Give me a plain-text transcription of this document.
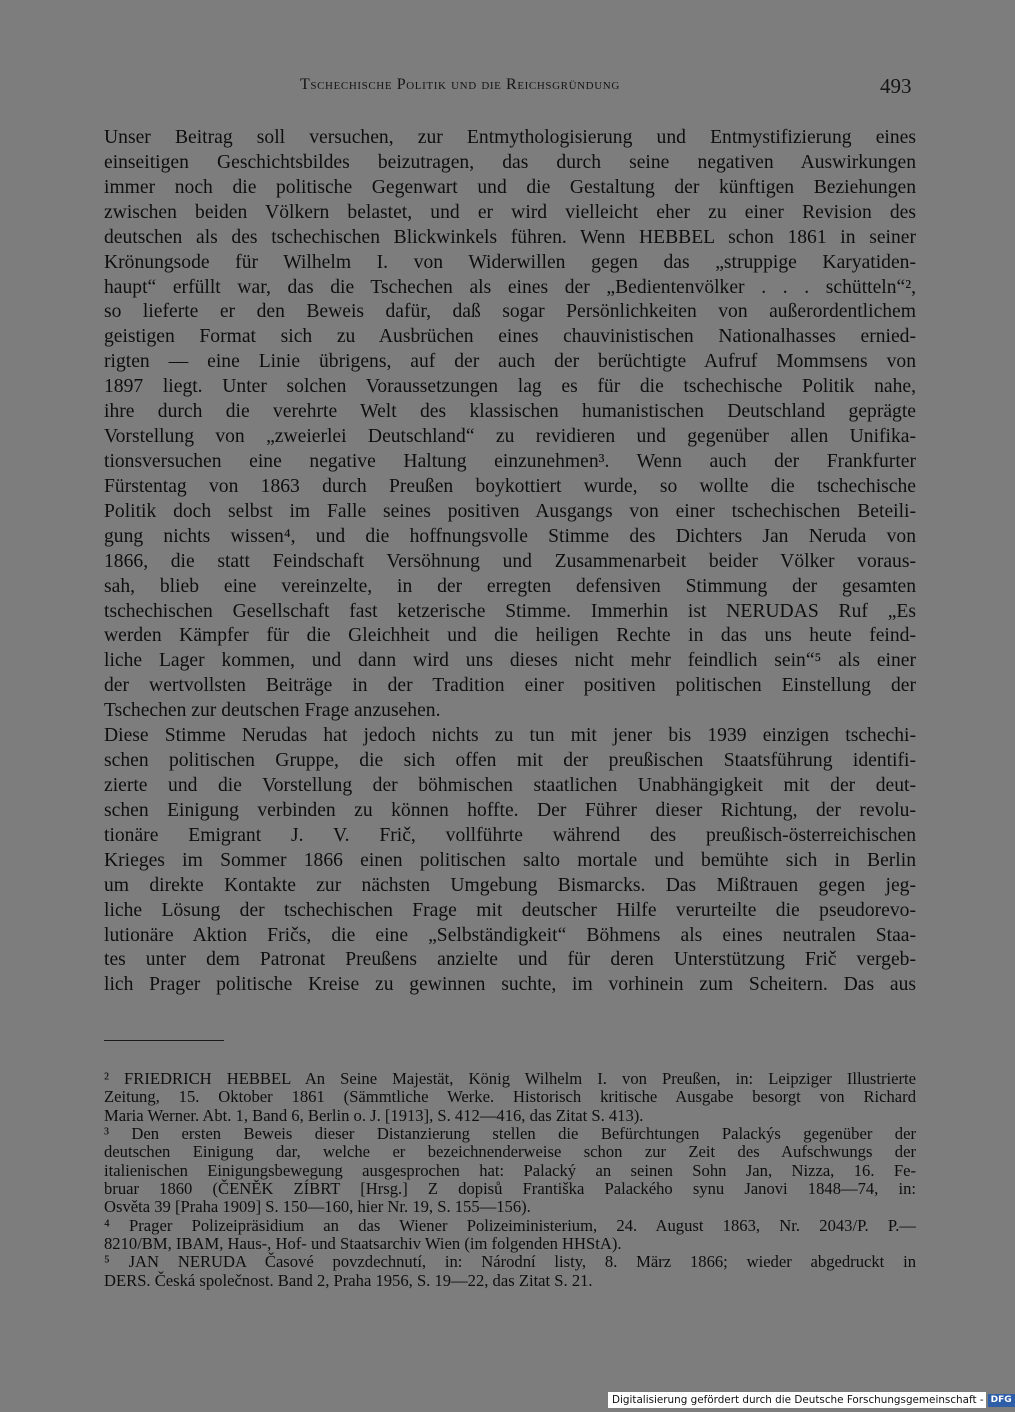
Tschechische Politik und die Reichsgründung	493
Unser Beitrag soll versuchen, zur Entmythologisierung und Entmystifizierung eines
einseitigen Geschichtsbildes beizutragen, das durch seine negativen Auswirkungen
immer noch die politische Gegenwart und die Gestaltung der künftigen Beziehungen
zwischen beiden Völkern belastet, und er wird vielleicht eher zu einer Revision des
deutschen als des tschechischen Blickwinkels führen. Wenn HEBBEL schon 1861 in seiner
Krönungsode für Wilhelm I. von Widerwillen gegen das „struppige Karyatiden-
haupt“ erfüllt war, das die Tschechen als eines der „Bedientenvölker . . . schütteln“²,
so lieferte er den Beweis dafür, daß sogar Persönlichkeiten von außerordentlichem
geistigen Format sich zu Ausbrüchen eines chauvinistischen Nationalhasses ernied-
rigten — eine Linie übrigens, auf der auch der berüchtigte Aufruf Mommsens von
1897 liegt. Unter solchen Voraussetzungen lag es für die tschechische Politik nahe,
ihre durch die verehrte Welt des klassischen humanistischen Deutschland geprägte
Vorstellung von „zweierlei Deutschland“ zu revidieren und gegenüber allen Unifika-
tionsversuchen eine negative Haltung einzunehmen³. Wenn auch der Frankfurter
Fürstentag von 1863 durch Preußen boykottiert wurde, so wollte die tschechische
Politik doch selbst im Falle seines positiven Ausgangs von einer tschechischen Beteili-
gung nichts wissen⁴, und die hoffnungsvolle Stimme des Dichters Jan Neruda von
1866, die statt Feindschaft Versöhnung und Zusammenarbeit beider Völker voraus-
sah, blieb eine vereinzelte, in der erregten defensiven Stimmung der gesamten
tschechischen Gesellschaft fast ketzerische Stimme. Immerhin ist NERUDAS Ruf „Es
werden Kämpfer für die Gleichheit und die heiligen Rechte in das uns heute feind-
liche Lager kommen, und dann wird uns dieses nicht mehr feindlich sein“⁵ als einer
der wertvollsten Beiträge in der Tradition einer positiven politischen Einstellung der
Tschechen zur deutschen Frage anzusehen.
Diese Stimme Nerudas hat jedoch nichts zu tun mit jener bis 1939 einzigen tschechi-
schen politischen Gruppe, die sich offen mit der preußischen Staatsführung identifi-
zierte und die Vorstellung der böhmischen staatlichen Unabhängigkeit mit der deut-
schen Einigung verbinden zu können hoffte. Der Führer dieser Richtung, der revolu-
tionäre Emigrant J. V. Frič, vollführte während des preußisch-österreichischen
Krieges im Sommer 1866 einen politischen salto mortale und bemühte sich in Berlin
um direkte Kontakte zur nächsten Umgebung Bismarcks. Das Mißtrauen gegen jeg-
liche Lösung der tschechischen Frage mit deutscher Hilfe verurteilte die pseudorevo-
lutionäre Aktion Fričs, die eine „Selbständigkeit“ Böhmens als eines neutralen Staa-
tes unter dem Patronat Preußens anzielte und für deren Unterstützung Frič vergeb-
lich Prager politische Kreise zu gewinnen suchte, im vorhinein zum Scheitern. Das aus
² FRIEDRICH HEBBEL An Seine Majestät, König Wilhelm I. von Preußen, in: Leipziger Illustrierte
Zeitung, 15. Oktober 1861 (Sämmtliche Werke. Historisch kritische Ausgabe besorgt von Richard
Maria Werner. Abt. 1, Band 6, Berlin o. J. [1913], S. 412—416, das Zitat S. 413).
³ Den ersten Beweis dieser Distanzierung stellen die Befürchtungen Palackýs gegenüber der
deutschen Einigung dar, welche er bezeichnenderweise schon zur Zeit des Aufschwungs der
italienischen Einigungsbewegung ausgesprochen hat: Palacký an seinen Sohn Jan, Nizza, 16. Fe-
bruar 1860 (ČENĚK ZÍBRT [Hrsg.] Z dopisů Františka Palackého synu Janovi 1848—74, in:
Osvěta 39 [Praha 1909] S. 150—160, hier Nr. 19, S. 155—156).
⁴ Prager Polizeipräsidium an das Wiener Polizeiministerium, 24. August 1863, Nr. 2043/P. P.—
8210/BM, IBAM, Haus-, Hof- und Staatsarchiv Wien (im folgenden HHStA).
⁵ JAN NERUDA Časové povzdechnutí, in: Národní listy, 8. März 1866; wieder abgedruckt in
DERS. Česká společnost. Band 2, Praha 1956, S. 19—22, das Zitat S. 21.
Digitalisierung gefördert durch die Deutsche Forschungsgemeinschaft - DFG
